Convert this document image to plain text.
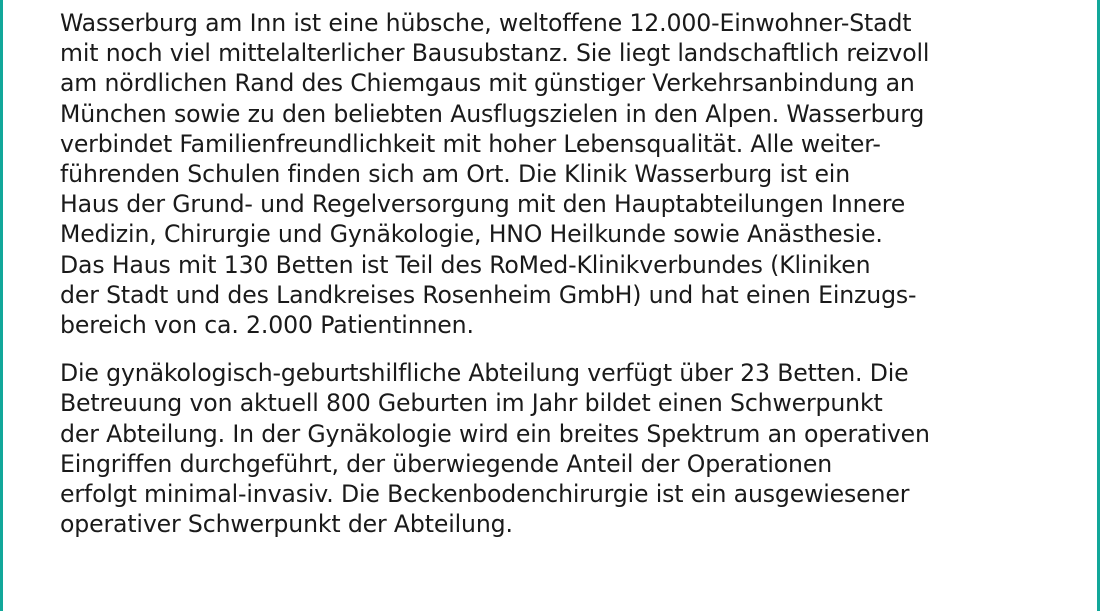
Wasserburg am Inn ist eine hübsche, weltoffene 12.000-Einwohner-Stadt
mit noch viel mittelalterlicher Bausubstanz. Sie liegt landschaftlich reizvoll
am nördlichen Rand des Chiemgaus mit günstiger Verkehrsanbindung an
München sowie zu den beliebten Ausflugszielen in den Alpen. Wasserburg
verbindet Familienfreundlichkeit mit hoher Lebensqualität. Alle weiter-
führenden Schulen finden sich am Ort. Die Klinik Wasserburg ist ein
Haus der Grund- und Regelversorgung mit den Hauptabteilungen Innere
Medizin, Chirurgie und Gynäkologie, HNO Heilkunde sowie Anästhesie.
Das Haus mit 130 Betten ist Teil des RoMed-Klinikverbundes (Kliniken
der Stadt und des Landkreises Rosenheim GmbH) und hat einen Einzugs-
bereich von ca. 2.000 Patientinnen.

Die gynäkologisch-geburtshilfliche Abteilung verfügt über 23 Betten. Die
Betreuung von aktuell 800 Geburten im Jahr bildet einen Schwerpunkt
der Abteilung. In der Gynäkologie wird ein breites Spektrum an operativen
Eingriffen durchgeführt, der überwiegende Anteil der Operationen
erfolgt minimal-invasiv. Die Beckenbodenchirurgie ist ein ausgewiesener
operativer Schwerpunkt der Abteilung.
